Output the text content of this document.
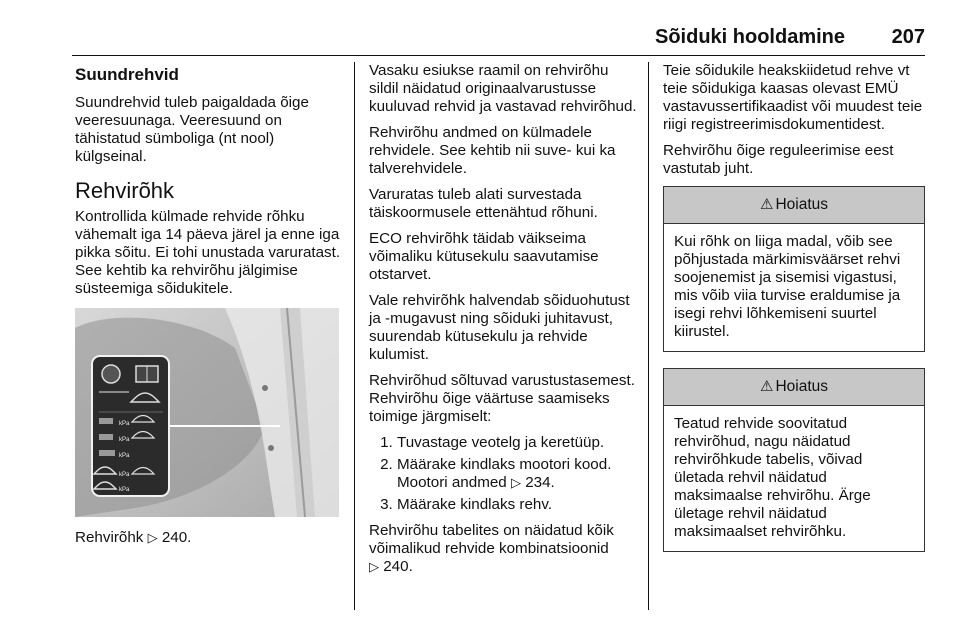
Sõiduki hooldamine 207
Suundrehvid

Suundrehvid tuleb paigaldada õige veeresuunaga. Veeresuund on tähistatud sümboliga (nt nool) külgseinal.

Rehvirõhk

Kontrollida külmade rehvide rõhku vähemalt iga 14 päeva järel ja enne iga pikka sõitu. Ei tohi unustada varuratast. See kehtib ka rehvirõhu jälgimise süsteemiga sõidukitele.

kPa
kPa
kPa
kPa
kPa

Rehvirõhk ▷ 240.

Vasaku esiukse raamil on rehvirõhu sildil näidatud originaalvarustusse kuuluvad rehvid ja vastavad rehvirõhud.

Rehvirõhu andmed on külmadele rehvidele. See kehtib nii suve- kui ka talverehvidele.

Varuratas tuleb alati survestada täiskoormusele ettenähtud rõhuni.

ECO rehvirõhk täidab väikseima võimaliku kütusekulu saavutamise otstarvet.

Vale rehvirõhk halvendab sõiduohutust ja -mugavust ning sõiduki juhitavust, suurendab kütusekulu ja rehvide kulumist.

Rehvirõhud sõltuvad varustustasemest. Rehvirõhu õige väärtuse saamiseks toimige järgmiselt:

1. Tuvastage veotelg ja keretüüp.
2. Määrake kindlaks mootori kood. Mootori andmed ▷ 234.
3. Määrake kindlaks rehv.

Rehvirõhu tabelites on näidatud kõik võimalikud rehvide kombinatsioonid
▷ 240.

Teie sõidukile heakskiidetud rehve vt teie sõidukiga kaasas olevast EMÜ vastavussertifikaadist või muudest teie riigi registreerimisdokumentidest.

Rehvirõhu õige reguleerimise eest vastutab juht.

⚠ Hoiatus
Kui rõhk on liiga madal, võib see põhjustada märkimisväärset rehvi soojenemist ja sisemisi vigastusi, mis võib viia turvise eraldumise ja isegi rehvi lõhkemiseni suurtel kiirustel.
⚠ Hoiatus
Teatud rehvide soovitatud rehvirõhud, nagu näidatud rehvirõhkude tabelis, võivad ületada rehvil näidatud maksimaalse rehvirõhu. Ärge ületage rehvil näidatud maksimaalset rehvirõhku.
